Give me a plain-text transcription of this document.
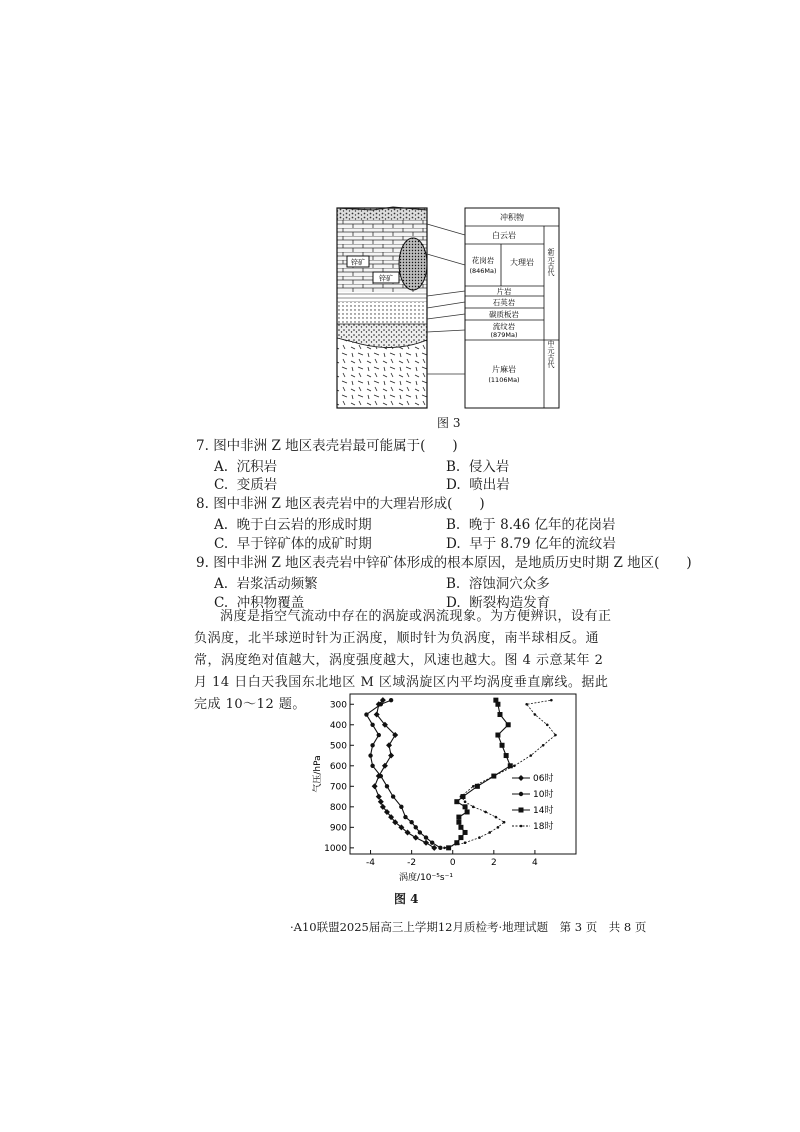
锌矿
锌矿
冲积物
白云岩
花岗岩
(846Ma)
大理岩
片岩
石英岩
碳质板岩
流纹岩
(879Ma)
片麻岩
(1106Ma)
新元古代
中元古代
图 3
7. 图中非洲 Z 地区表壳岩最可能属于(　　)
A. 沉积岩	B. 侵入岩
C. 变质岩	D. 喷出岩
8. 图中非洲 Z 地区表壳岩中的大理岩形成(　　)
A. 晚于白云岩的形成时期	B. 晚于 8.46 亿年的花岗岩
C. 早于锌矿体的成矿时期	D. 早于 8.79 亿年的流纹岩
9. 图中非洲 Z 地区表壳岩中锌矿体形成的根本原因，是地质历史时期 Z 地区(　　)
A. 岩浆活动频繁	B. 溶蚀洞穴众多
C. 冲积物覆盖	D. 断裂构造发育
涡度是指空气流动中存在的涡旋或涡流现象。为方便辨识，设有正负涡度，北半球逆时针为正涡度，顺时针为负涡度，南半球相反。通常，涡度绝对值越大，涡度强度越大，风速也越大。图 4 示意某年 2 月 14 日白天我国东北地区 M 区域涡旋区内平均涡度垂直廓线。据此完成 10～12 题。
气压/hPa
涡度/10⁻⁵s⁻¹
-4	-2	0	2	4
300
400
500
600
700
800
900
1000
06时
10时
14时
18时
图 4
·A10联盟2025届高三上学期12月质检考·地理试题　第 3 页　共 8 页
